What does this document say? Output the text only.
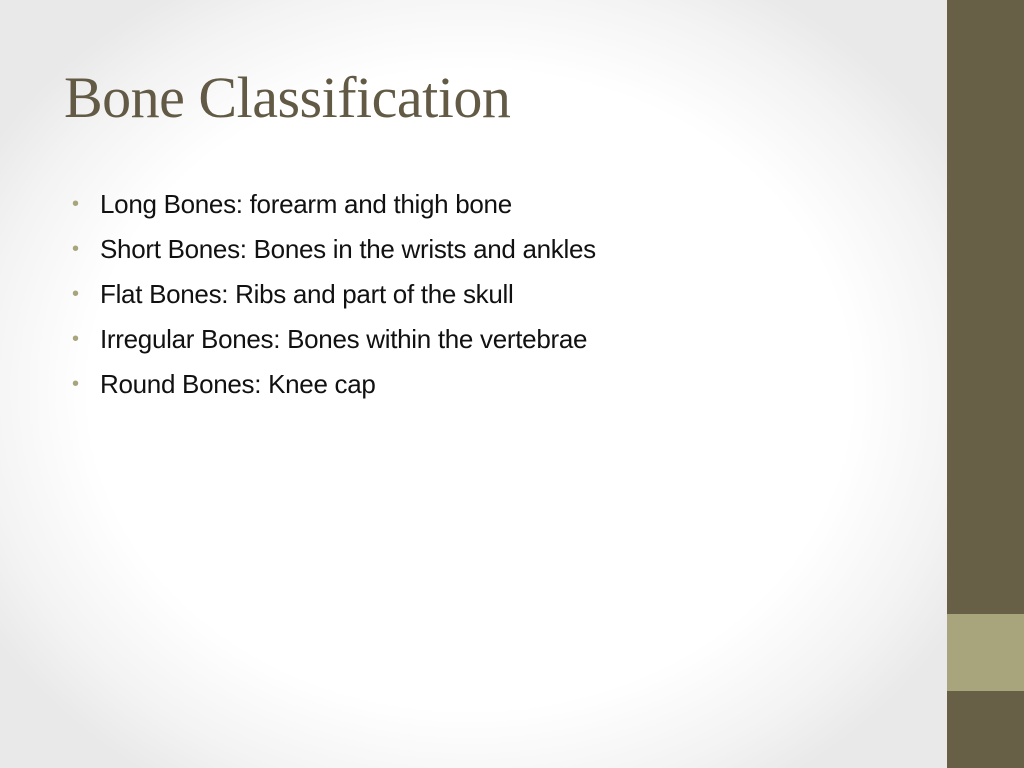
Bone Classification
• Long Bones: forearm and thigh bone
• Short Bones: Bones in the wrists and ankles
• Flat Bones: Ribs and part of the skull
• Irregular Bones: Bones within the vertebrae
• Round Bones: Knee cap
